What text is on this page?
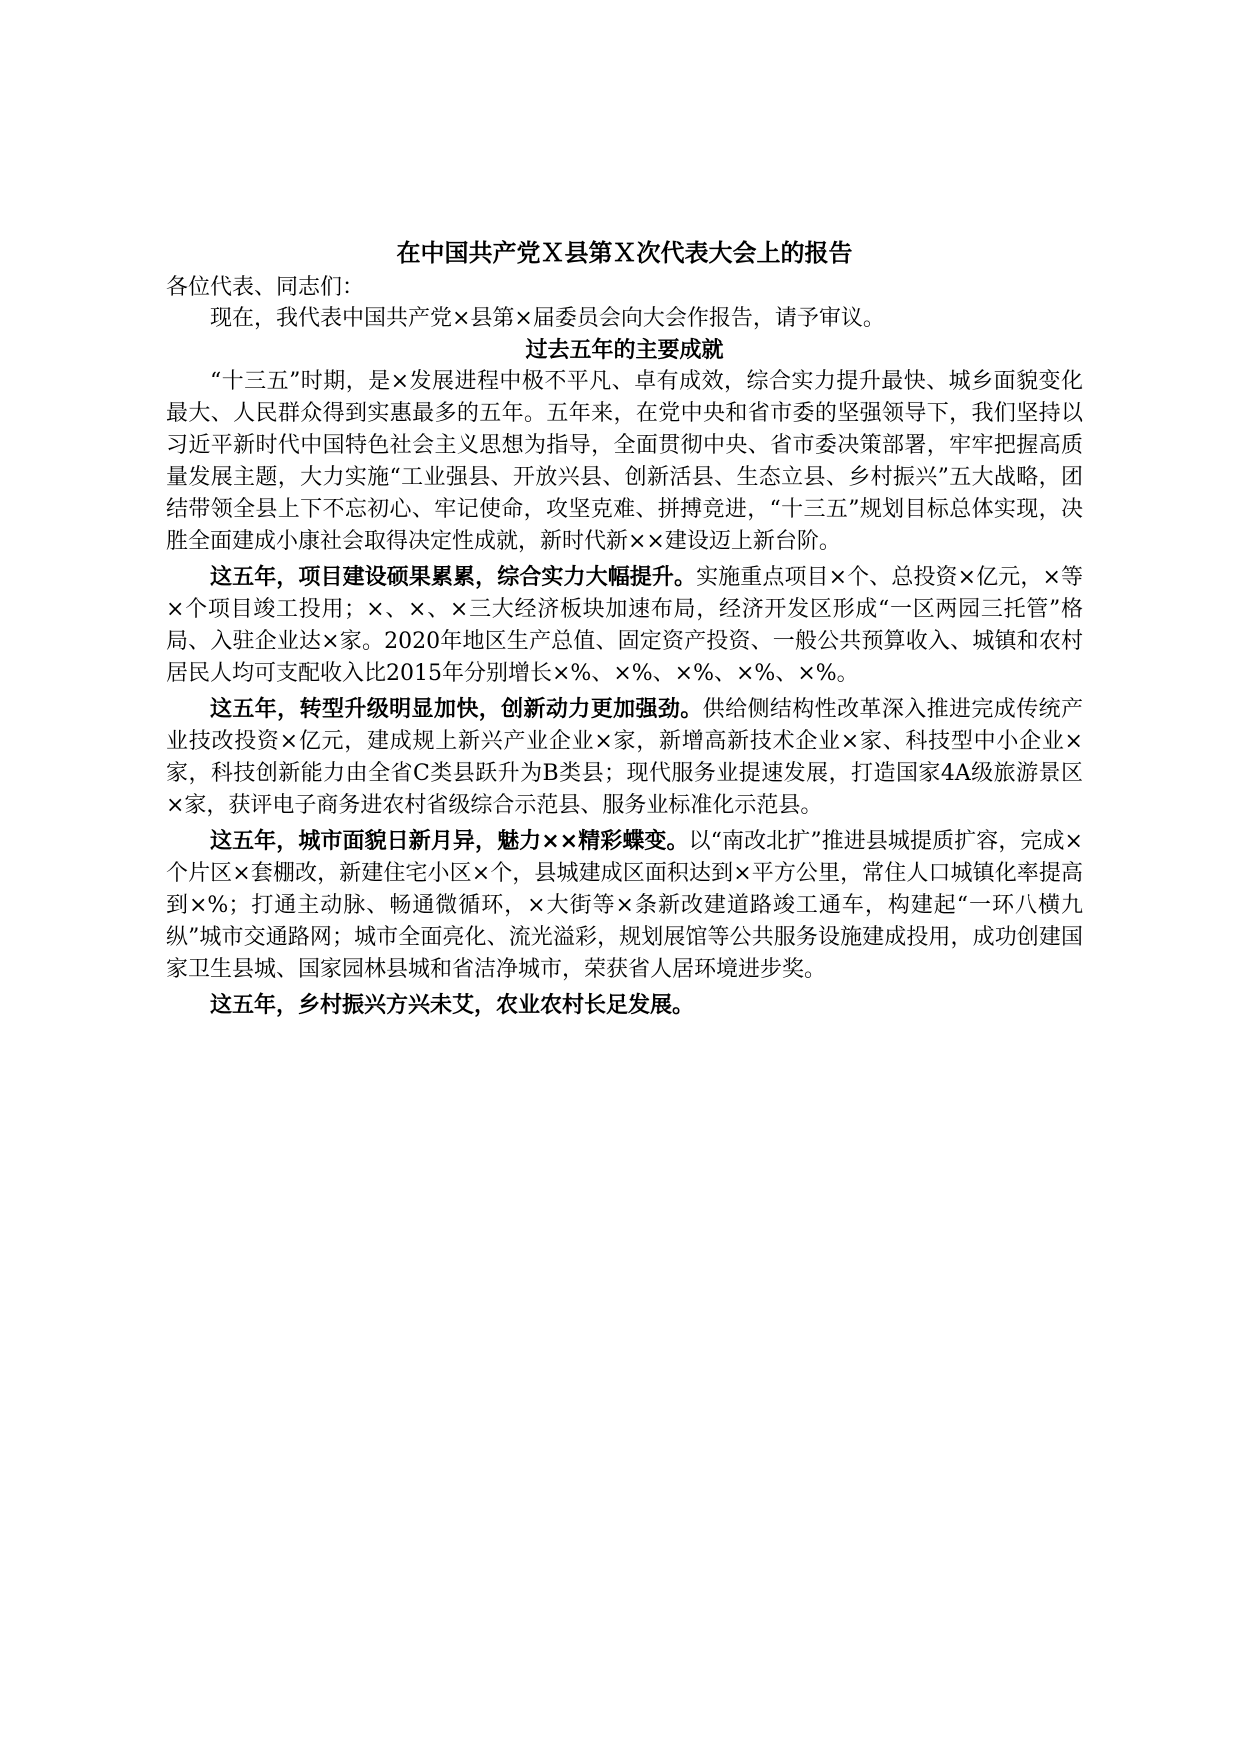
在中国共产党Ｘ县第Ｘ次代表大会上的报告

各位代表、同志们：

现在，我代表中国共产党×县第×届委员会向大会作报告，请予审议。

过去五年的主要成就

“十三五”时期，是×发展进程中极不平凡、卓有成效，综合实力提升最快、城乡面貌变化最大、人民群众得到实惠最多的五年。五年来，在党中央和省市委的坚强领导下，我们坚持以习近平新时代中国特色社会主义思想为指导，全面贯彻中央、省市委决策部署，牢牢把握高质量发展主题，大力实施“工业强县、开放兴县、创新活县、生态立县、乡村振兴”五大战略，团结带领全县上下不忘初心、牢记使命，攻坚克难、拼搏竞进，“十三五”规划目标总体实现，决胜全面建成小康社会取得决定性成就，新时代新××建设迈上新台阶。

这五年，项目建设硕果累累，综合实力大幅提升。实施重点项目×个、总投资×亿元，×等×个项目竣工投用；×、×、×三大经济板块加速布局，经济开发区形成“一区两园三托管”格局、入驻企业达×家。2020年地区生产总值、固定资产投资、一般公共预算收入、城镇和农村居民人均可支配收入比2015年分别增长×%、×%、×%、×%、×%。

这五年，转型升级明显加快，创新动力更加强劲。供给侧结构性改革深入推进完成传统产业技改投资×亿元，建成规上新兴产业企业×家，新增高新技术企业×家、科技型中小企业×家，科技创新能力由全省C类县跃升为B类县；现代服务业提速发展，打造国家4A级旅游景区×家，获评电子商务进农村省级综合示范县、服务业标准化示范县。

这五年，城市面貌日新月异，魅力××精彩蝶变。以“南改北扩”推进县城提质扩容，完成×个片区×套棚改，新建住宅小区×个，县城建成区面积达到×平方公里，常住人口城镇化率提高到×%；打通主动脉、畅通微循环，×大街等×条新改建道路竣工通车，构建起“一环八横九纵”城市交通路网；城市全面亮化、流光溢彩，规划展馆等公共服务设施建成投用，成功创建国家卫生县城、国家园林县城和省洁净城市，荣获省人居环境进步奖。

这五年，乡村振兴方兴未艾，农业农村长足发展。
